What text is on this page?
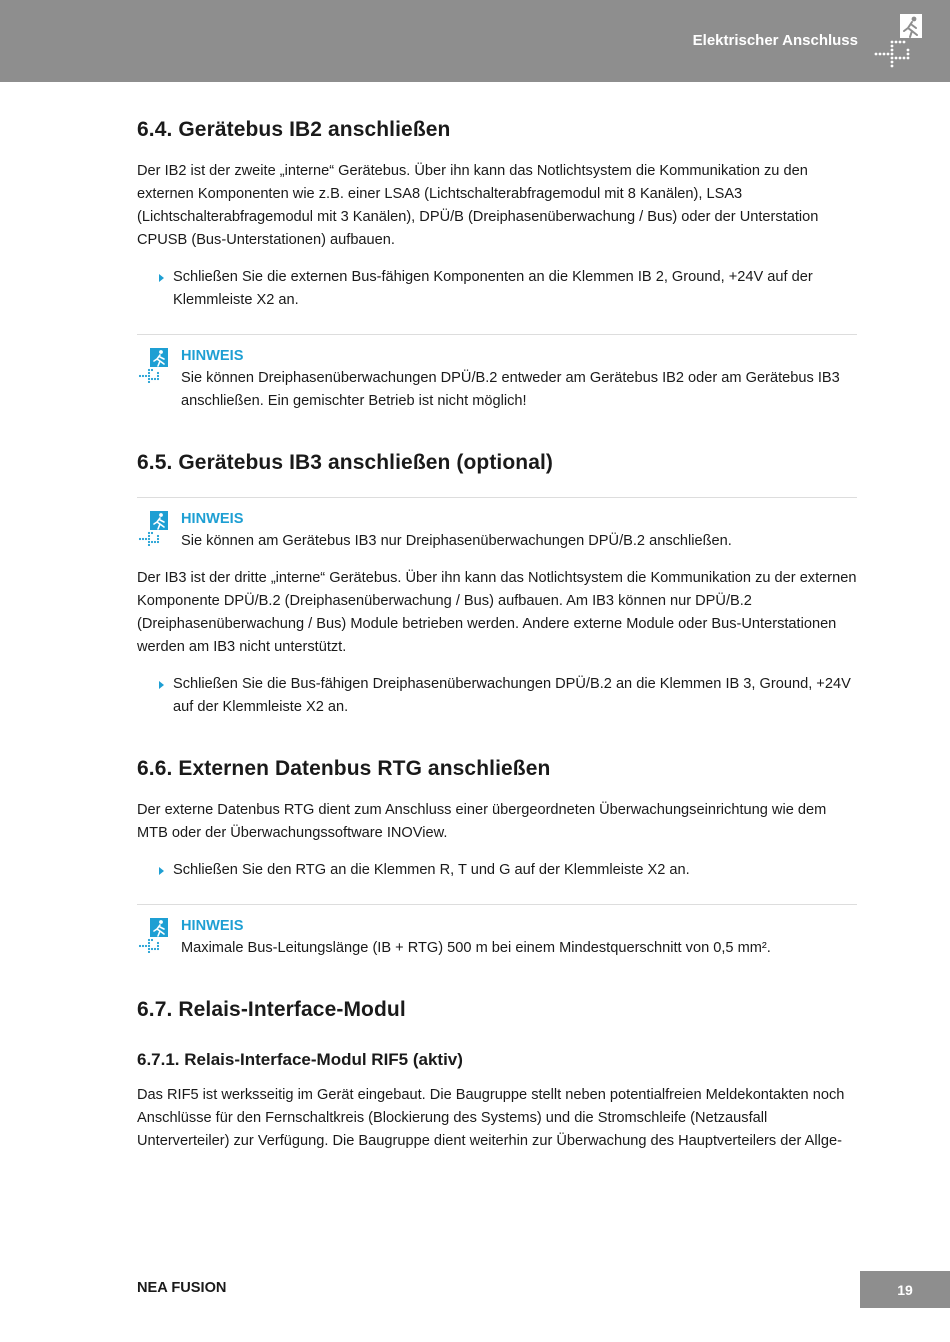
Elektrischer Anschluss
6.4. Gerätebus IB2 anschließen

Der IB2 ist der zweite „interne“ Gerätebus. Über ihn kann das Notlichtsystem die Kommunikation zu den externen Komponenten wie z.B. einer LSA8 (Lichtschalterabfragemodul mit 8 Kanälen), LSA3 (Lichtschalterabfragemodul mit 3 Kanälen), DPÜ/B (Dreiphasenüberwachung / Bus) oder der Unterstation CPUSB (Bus-Unterstationen) aufbauen.

Schließen Sie die externen Bus-fähigen Komponenten an die Klemmen IB 2, Ground, +24V auf der Klemmleiste X2 an.
HINWEIS
Sie können Dreiphasenüberwachungen DPÜ/B.2 entweder am Gerätebus IB2 oder am Gerätebus IB3 anschließen. Ein gemischter Betrieb ist nicht möglich!
6.5. Gerätebus IB3 anschließen (optional)
HINWEIS
Sie können am Gerätebus IB3 nur Dreiphasenüberwachungen DPÜ/B.2 anschließen.

Der IB3 ist der dritte „interne“ Gerätebus. Über ihn kann das Notlichtsystem die Kommunikation zu der externen Komponente DPÜ/B.2 (Dreiphasenüberwachung / Bus) aufbauen. Am IB3 können nur DPÜ/B.2 (Dreiphasenüberwachung / Bus) Module betrieben werden. Andere externe Module oder Bus-Unterstationen werden am IB3 nicht unterstützt.

Schließen Sie die Bus-fähigen Dreiphasenüberwachungen DPÜ/B.2 an die Klemmen IB 3, Ground, +24V auf der Klemmleiste X2 an.
6.6. Externen Datenbus RTG anschließen

Der externe Datenbus RTG dient zum Anschluss einer übergeordneten Überwachungseinrichtung wie dem MTB oder der Überwachungssoftware INOView.

Schließen Sie den RTG an die Klemmen R, T und G auf der Klemmleiste X2 an.
HINWEIS
Maximale Bus-Leitungslänge (IB + RTG) 500 m bei einem Mindestquerschnitt von 0,5 mm².
6.7. Relais-Interface-Modul
6.7.1. Relais-Interface-Modul RIF5 (aktiv)

Das RIF5 ist werksseitig im Gerät eingebaut. Die Baugruppe stellt neben potentialfreien Meldekontakten noch Anschlüsse für den Fernschaltkreis (Blockierung des Systems) und die Stromschleife (Netzausfall Unterverteiler) zur Verfügung. Die Baugruppe dient weiterhin zur Überwachung des Hauptverteilers der Allge-

NEA FUSION	19
